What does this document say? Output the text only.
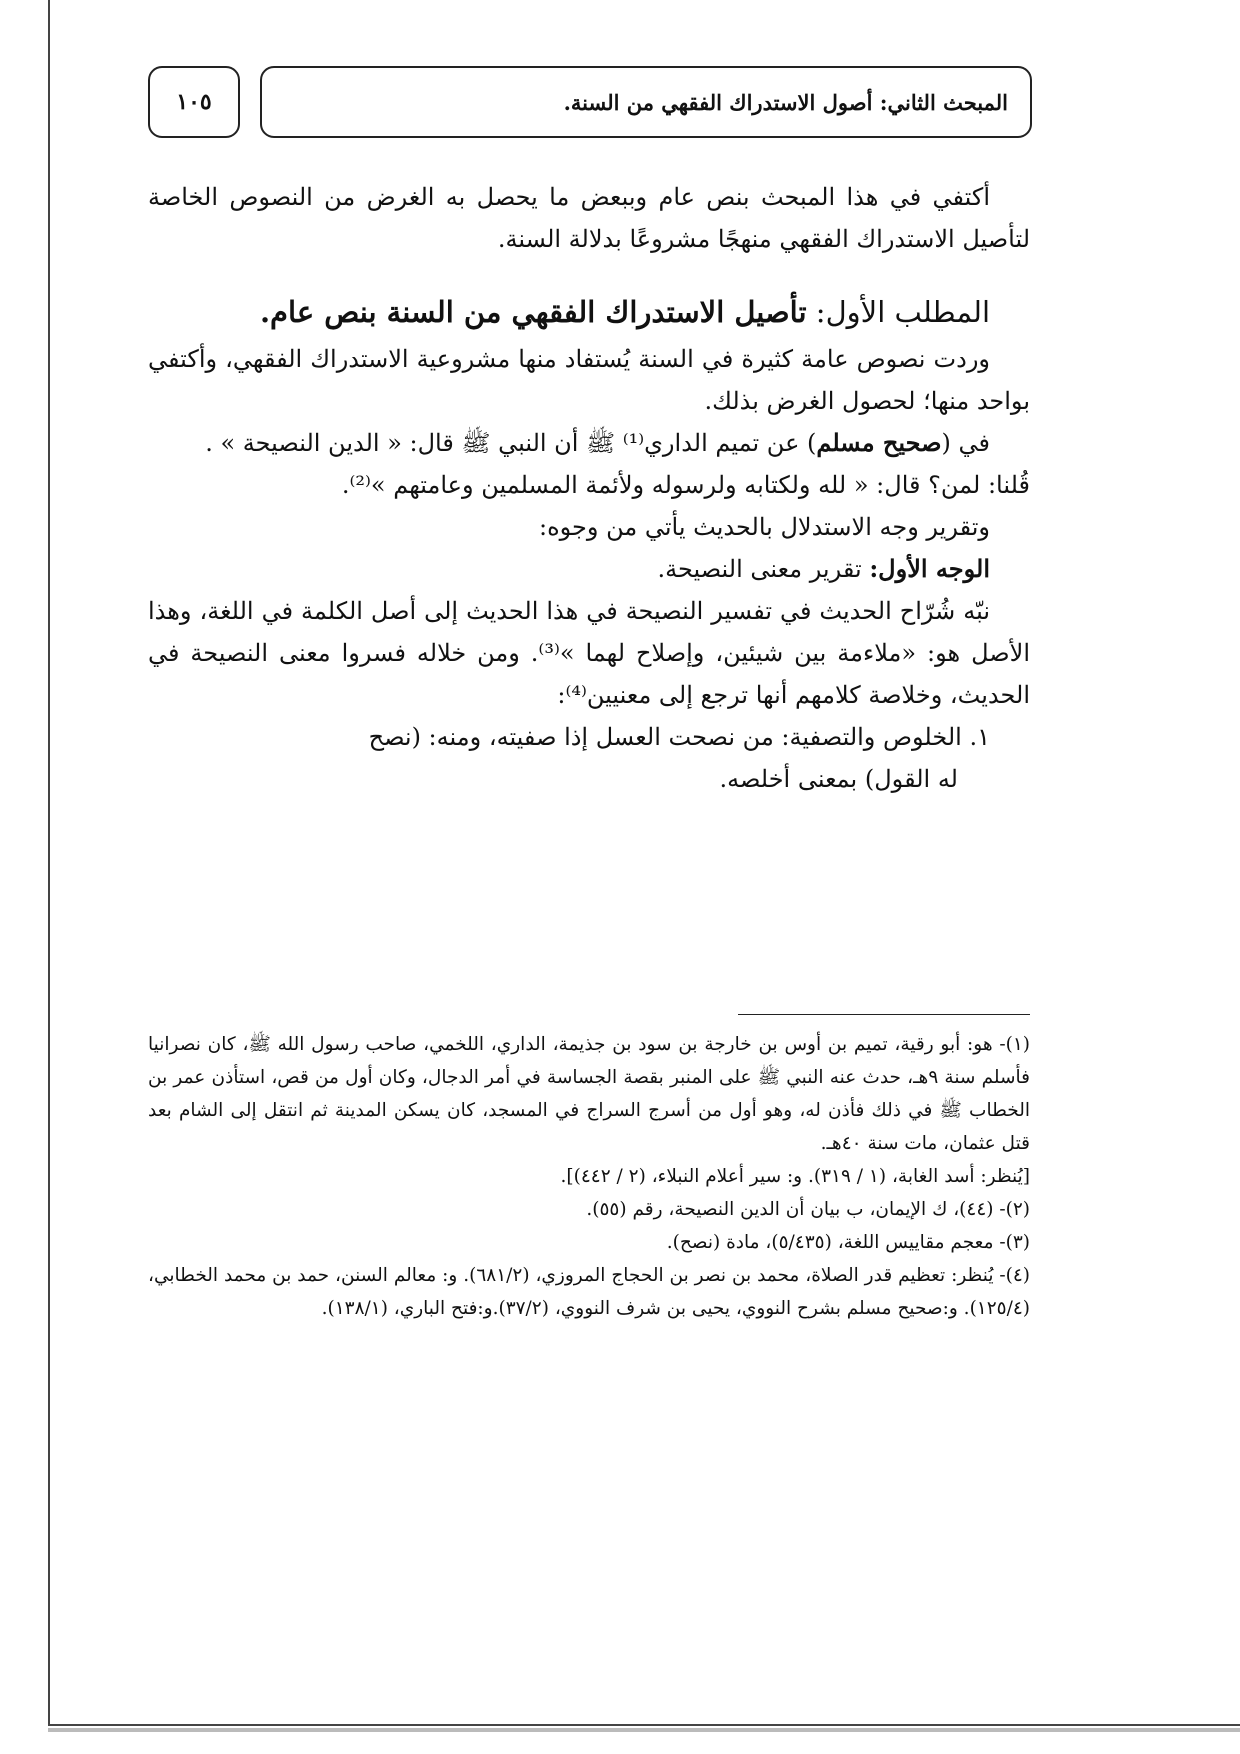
١٠٥	المبحث الثاني: أصول الاستدراك الفقهي من السنة.

أكتفي في هذا المبحث بنص عام وببعض ما يحصل به الغرض من النصوص الخاصة لتأصيل الاستدراك الفقهي منهجًا مشروعًا بدلالة السنة.

المطلب الأول: تأصيل الاستدراك الفقهي من السنة بنص عام.

وردت نصوص عامة كثيرة في السنة يُستفاد منها مشروعية الاستدراك الفقهي، وأكتفي بواحد منها؛ لحصول الغرض بذلك.

في (صحيح مسلم) عن تميم الداري⁽¹⁾ ﷺ أن النبي ﷺ قال: « الدين النصيحة » .

قُلنا: لمن؟ قال: « لله ولكتابه ولرسوله ولأئمة المسلمين وعامتهم »⁽²⁾.

وتقرير وجه الاستدلال بالحديث يأتي من وجوه:

الوجه الأول: تقرير معنى النصيحة.

نبّه شُرّاح الحديث في تفسير النصيحة في هذا الحديث إلى أصل الكلمة في اللغة، وهذا الأصل هو: «ملاءمة بين شيئين، وإصلاح لهما »⁽³⁾. ومن خلاله فسروا معنى النصيحة في الحديث، وخلاصة كلامهم أنها ترجع إلى معنيين⁽⁴⁾:

١. الخلوص والتصفية: من نصحت العسل إذا صفيته، ومنه: (نصح

له القول) بمعنى أخلصه.

(١)- هو: أبو رقية، تميم بن أوس بن خارجة بن سود بن جذيمة، الداري، اللخمي، صاحب رسول الله ﷺ، كان نصرانيا فأسلم سنة ٩هـ، حدث عنه النبي ﷺ على المنبر بقصة الجساسة في أمر الدجال، وكان أول من قص، استأذن عمر بن الخطاب ﷺ في ذلك فأذن له، وهو أول من أسرج السراج في المسجد، كان يسكن المدينة ثم انتقل إلى الشام بعد قتل عثمان، مات سنة ٤٠هـ.

[يُنظر: أسد الغابة، (١ / ٣١٩). و: سير أعلام النبلاء، (٢ / ٤٤٢)].

(٢)- (٤٤)، ك الإيمان، ب بيان أن الدين النصيحة، رقم (٥٥).

(٣)- معجم مقاييس اللغة، (٥/٤٣٥)، مادة (نصح).

(٤)- يُنظر: تعظيم قدر الصلاة، محمد بن نصر بن الحجاج المروزي، (٦٨١/٢). و: معالم السنن، حمد بن محمد الخطابي، (١٢٥/٤). و:صحيح مسلم بشرح النووي، يحيى بن شرف النووي، (٣٧/٢).و:فتح الباري، (١٣٨/١).
